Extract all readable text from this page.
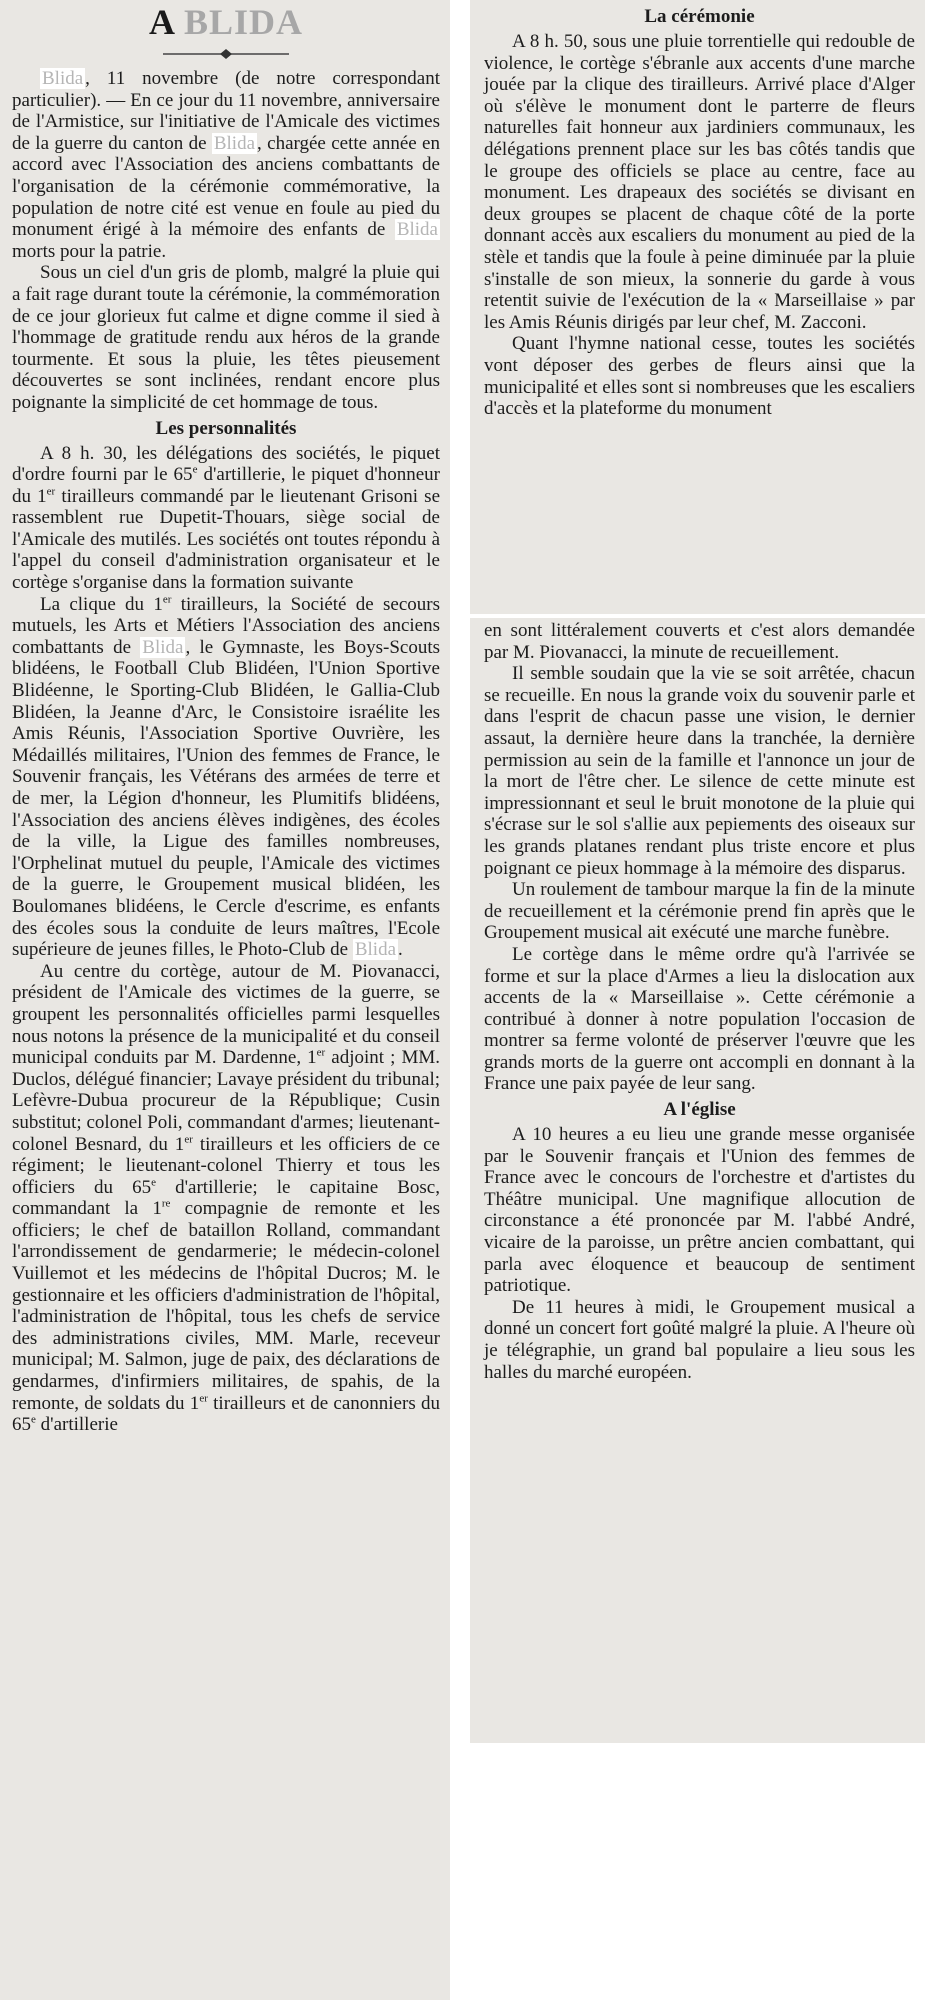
A BLIDA

Blida , 11 novembre (de notre correspondant particulier). — En ce jour du 11 novembre, anniversaire de l'Armistice, sur l'initiative de l'Amicale des victimes de la guerre du canton de Blida , chargée cette année en accord avec l'Association des anciens combattants de l'organisation de la cérémonie commémorative, la population de notre cité est venue en foule au pied du monument érigé à la mémoire des enfants de Blida morts pour la patrie.

Sous un ciel d'un gris de plomb, malgré la pluie qui a fait rage durant toute la cérémonie, la commémoration de ce jour glorieux fut calme et digne comme il sied à l'hommage de gratitude rendu aux héros de la grande tourmente. Et sous la pluie, les têtes pieusement découvertes se sont inclinées, rendant encore plus poignante la simplicité de cet hommage de tous.

Les personnalités

A 8 h. 30, les délégations des sociétés, le piquet d'ordre fourni par le 65e d'artillerie, le piquet d'honneur du 1er tirailleurs commandé par le lieutenant Grisoni se rassemblent rue Dupetit-Thouars, siège social de l'Amicale des mutilés. Les sociétés ont toutes répondu à l'appel du conseil d'administration organisateur et le cortège s'organise dans la formation suivante

La clique du 1er tirailleurs, la Société de secours mutuels, les Arts et Métiers l'Association des anciens combattants de Blida , le Gymnaste, les Boys-Scouts blidéens, le Football Club Blidéen, l'Union Sportive Blidéenne, le Sporting-Club Blidéen, le Gallia-Club Blidéen, la Jeanne d'Arc, le Consistoire israélite les Amis Réunis, l'Association Sportive Ouvrière, les Médaillés militaires, l'Union des femmes de France, le Souvenir français, les Vétérans des armées de terre et de mer, la Légion d'honneur, les Plumitifs blidéens, l'Association des anciens élèves indigènes, des écoles de la ville, la Ligue des familles nombreuses, l'Orphelinat mutuel du peuple, l'Amicale des victimes de la guerre, le Groupement musical blidéen, les Boulomanes blidéens, le Cercle d'escrime, es enfants des écoles sous la conduite de leurs maîtres, l'Ecole supérieure de jeunes filles, le Photo-Club de Blida .

Au centre du cortège, autour de M. Piovanacci, président de l'Amicale des victimes de la guerre, se groupent les personnalités officielles parmi lesquelles nous notons la présence de la municipalité et du conseil municipal conduits par M. Dardenne, 1er adjoint ; MM. Duclos, délégué financier; Lavaye président du tribunal; Lefèvre-Dubua procureur de la République; Cusin substitut; colonel Poli, commandant d'armes; lieutenant-colonel Besnard, du 1er tirailleurs et les officiers de ce régiment; le lieutenant-colonel Thierry et tous les officiers du 65e d'artillerie; le capitaine Bosc, commandant la 1re compagnie de remonte et les officiers; le chef de bataillon Rolland, commandant l'arrondissement de gendarmerie; le médecin-colonel Vuillemot et les médecins de l'hôpital Ducros; M. le gestionnaire et les officiers d'administration de l'hôpital, l'administration de l'hôpital, tous les chefs de service des administrations civiles, MM. Marle, receveur municipal; M. Salmon, juge de paix, des déclarations de gendarmes, d'infirmiers militaires, de spahis, de la remonte, de soldats du 1er tirailleurs et de canonniers du 65e d'artillerie

La cérémonie

A 8 h. 50, sous une pluie torrentielle qui redouble de violence, le cortège s'ébranle aux accents d'une marche jouée par la clique des tirailleurs. Arrivé place d'Alger où s'élève le monument dont le parterre de fleurs naturelles fait honneur aux jardiniers communaux, les délégations prennent place sur les bas côtés tandis que le groupe des officiels se place au centre, face au monument. Les drapeaux des sociétés se divisant en deux groupes se placent de chaque côté de la porte donnant accès aux escaliers du monument au pied de la stèle et tandis que la foule à peine diminuée par la pluie s'installe de son mieux, la sonnerie du garde à vous retentit suivie de l'exécution de la « Marseillaise » par les Amis Réunis dirigés par leur chef, M. Zacconi.

Quant l'hymne national cesse, toutes les sociétés vont déposer des gerbes de fleurs ainsi que la municipalité et elles sont si nombreuses que les escaliers d'accès et la plateforme du monument

en sont littéralement couverts et c'est alors demandée par M. Piovanacci, la minute de recueillement.

Il semble soudain que la vie se soit arrêtée, chacun se recueille. En nous la grande voix du souvenir parle et dans l'esprit de chacun passe une vision, le dernier assaut, la dernière heure dans la tranchée, la dernière permission au sein de la famille et l'annonce un jour de la mort de l'être cher. Le silence de cette minute est impressionnant et seul le bruit monotone de la pluie qui s'écrase sur le sol s'allie aux pepiements des oiseaux sur les grands platanes rendant plus triste encore et plus poignant ce pieux hommage à la mémoire des disparus.

Un roulement de tambour marque la fin de la minute de recueillement et la cérémonie prend fin après que le Groupement musical ait exécuté une marche funèbre.

Le cortège dans le même ordre qu'à l'arrivée se forme et sur la place d'Armes a lieu la dislocation aux accents de la « Marseillaise ». Cette cérémonie a contribué à donner à notre population l'occasion de montrer sa ferme volonté de préserver l'œuvre que les grands morts de la guerre ont accompli en donnant à la France une paix payée de leur sang.

A l'église

A 10 heures a eu lieu une grande messe organisée par le Souvenir français et l'Union des femmes de France avec le concours de l'orchestre et d'artistes du Théâtre municipal. Une magnifique allocution de circonstance a été prononcée par M. l'abbé André, vicaire de la paroisse, un prêtre ancien combattant, qui parla avec éloquence et beaucoup de sentiment patriotique.

De 11 heures à midi, le Groupement musical a donné un concert fort goûté malgré la pluie. A l'heure où je télégraphie, un grand bal populaire a lieu sous les halles du marché européen.
